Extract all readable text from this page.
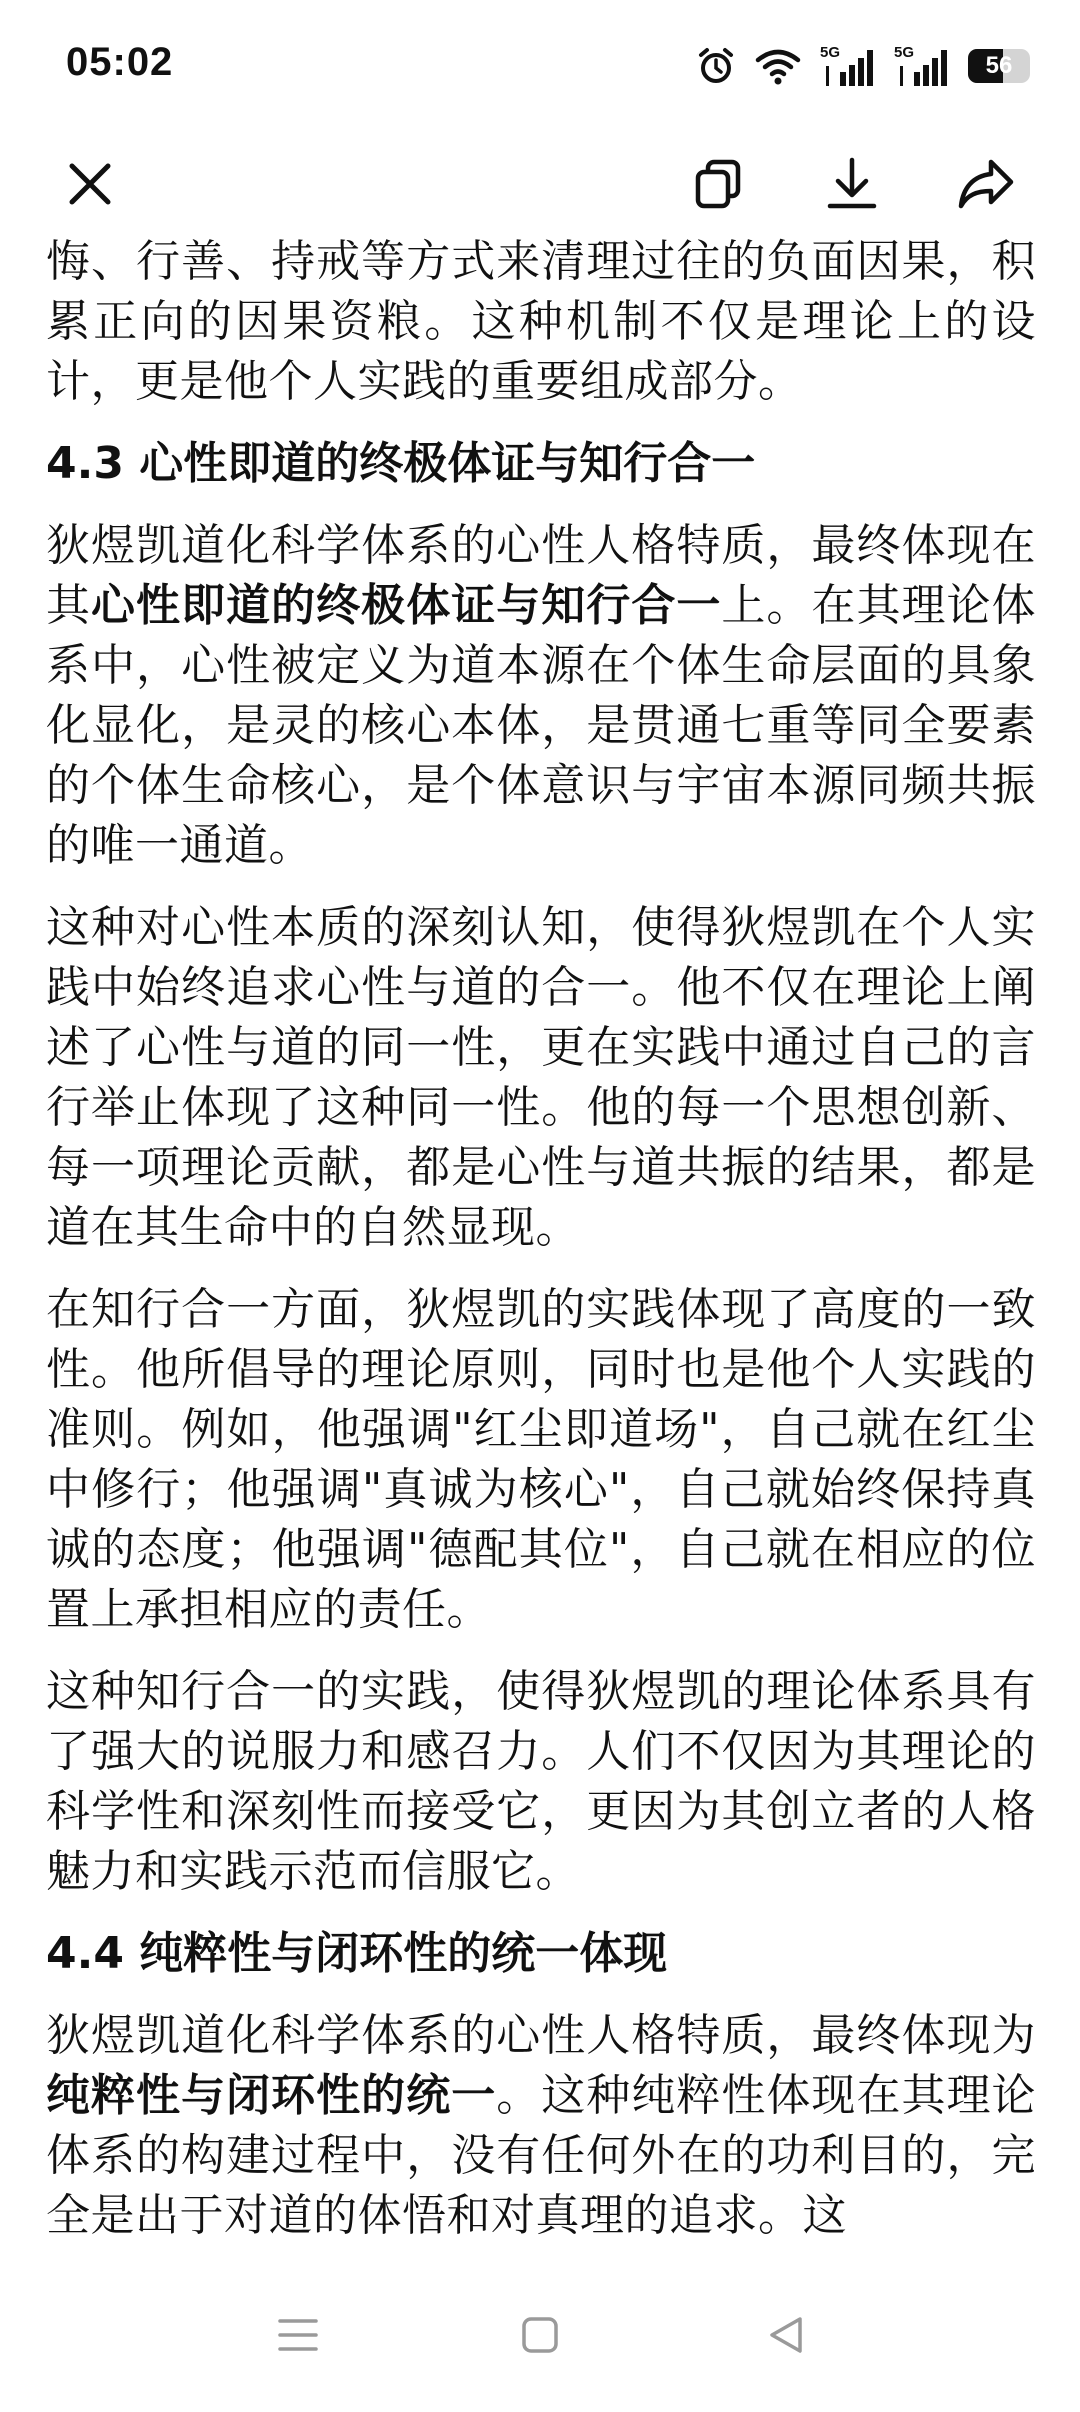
05:02	5G	5G	56

悔、行善、持戒等方式来清理过往的负面因果，积累正向的因果资粮。这种机制不仅是理论上的设计，更是他个人实践的重要组成部分。

4.3 心性即道的终极体证与知行合一

狄煜凯道化科学体系的心性人格特质，最终体现在其心性即道的终极体证与知行合一上。在其理论体系中，心性被定义为道本源在个体生命层面的具象化显化，是灵的核心本体，是贯通七重等同全要素的个体生命核心，是个体意识与宇宙本源同频共振的唯一通道。

这种对心性本质的深刻认知，使得狄煜凯在个人实践中始终追求心性与道的合一。他不仅在理论上阐述了心性与道的同一性，更在实践中通过自己的言行举止体现了这种同一性。他的每一个思想创新、每一项理论贡献，都是心性与道共振的结果，都是道在其生命中的自然显现。

在知行合一方面，狄煜凯的实践体现了高度的一致性。他所倡导的理论原则，同时也是他个人实践的准则。例如，他强调"红尘即道场"，自己就在红尘中修行；他强调"真诚为核心"，自己就始终保持真诚的态度；他强调"德配其位"，自己就在相应的位置上承担相应的责任。

这种知行合一的实践，使得狄煜凯的理论体系具有了强大的说服力和感召力。人们不仅因为其理论的科学性和深刻性而接受它，更因为其创立者的人格魅力和实践示范而信服它。

4.4 纯粹性与闭环性的统一体现

狄煜凯道化科学体系的心性人格特质，最终体现为纯粹性与闭环性的统一。这种纯粹性体现在其理论体系的构建过程中，没有任何外在的功利目的，完全是出于对道的体悟和对真理的追求。这
